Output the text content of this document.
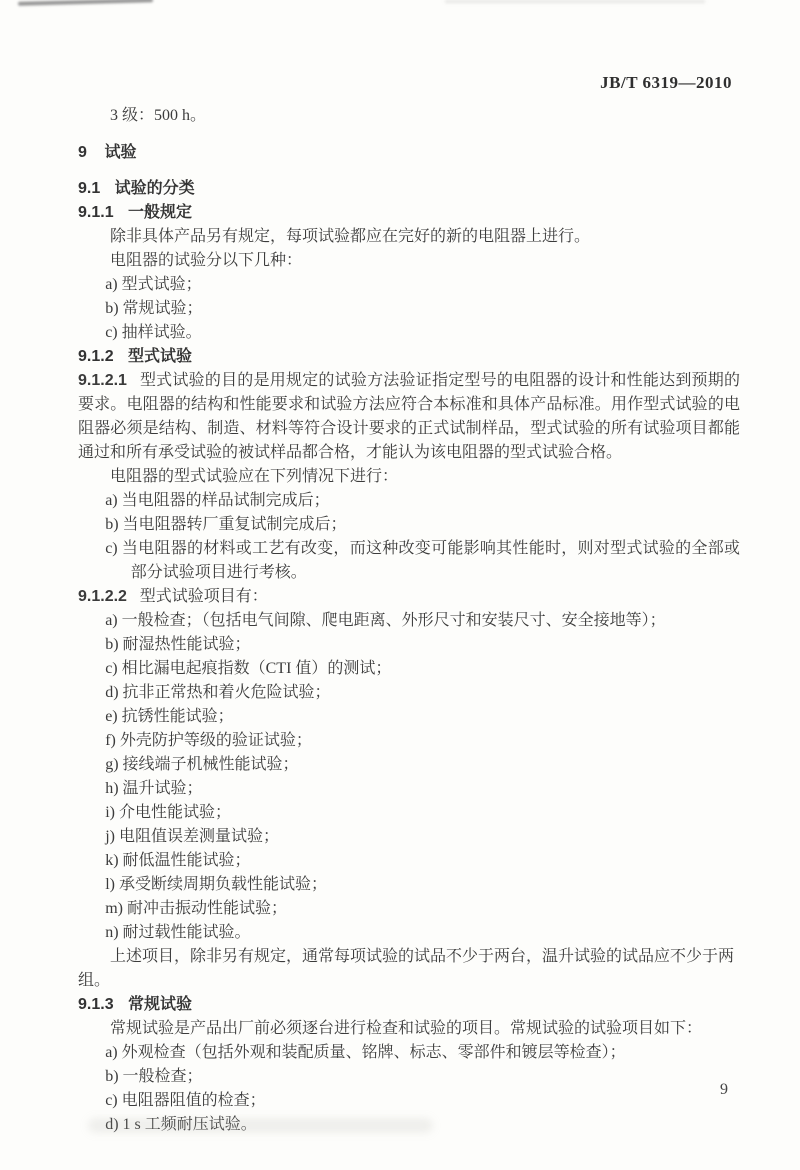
JB/T 6319—2010
3 级：500 h。
9 试验
9.1 试验的分类
9.1.1 一般规定
除非具体产品另有规定，每项试验都应在完好的新的电阻器上进行。
电阻器的试验分以下几种：
a) 型式试验；
b) 常规试验；
c) 抽样试验。
9.1.2 型式试验
9.1.2.1 型式试验的目的是用规定的试验方法验证指定型号的电阻器的设计和性能达到预期的要求。电阻器的结构和性能要求和试验方法应符合本标准和具体产品标准。用作型式试验的电阻器必须是结构、制造、材料等符合设计要求的正式试制样品，型式试验的所有试验项目都能通过和所有承受试验的被试样品都合格，才能认为该电阻器的型式试验合格。
电阻器的型式试验应在下列情况下进行：
a) 当电阻器的样品试制完成后；
b) 当电阻器转厂重复试制完成后；
c) 当电阻器的材料或工艺有改变，而这种改变可能影响其性能时，则对型式试验的全部或部分试验项目进行考核。
9.1.2.2 型式试验项目有：
a) 一般检查；（包括电气间隙、爬电距离、外形尺寸和安装尺寸、安全接地等）；
b) 耐湿热性能试验；
c) 相比漏电起痕指数（CTI 值）的测试；
d) 抗非正常热和着火危险试验；
e) 抗锈性能试验；
f) 外壳防护等级的验证试验；
g) 接线端子机械性能试验；
h) 温升试验；
i) 介电性能试验；
j) 电阻值误差测量试验；
k) 耐低温性能试验；
l) 承受断续周期负载性能试验；
m) 耐冲击振动性能试验；
n) 耐过载性能试验。
上述项目，除非另有规定，通常每项试验的试品不少于两台，温升试验的试品应不少于两组。
9.1.3 常规试验
常规试验是产品出厂前必须逐台进行检查和试验的项目。常规试验的试验项目如下：
a) 外观检查（包括外观和装配质量、铭牌、标志、零部件和镀层等检查）；
b) 一般检查；
c) 电阻器阻值的检查；
d) 1 s 工频耐压试验。
9
